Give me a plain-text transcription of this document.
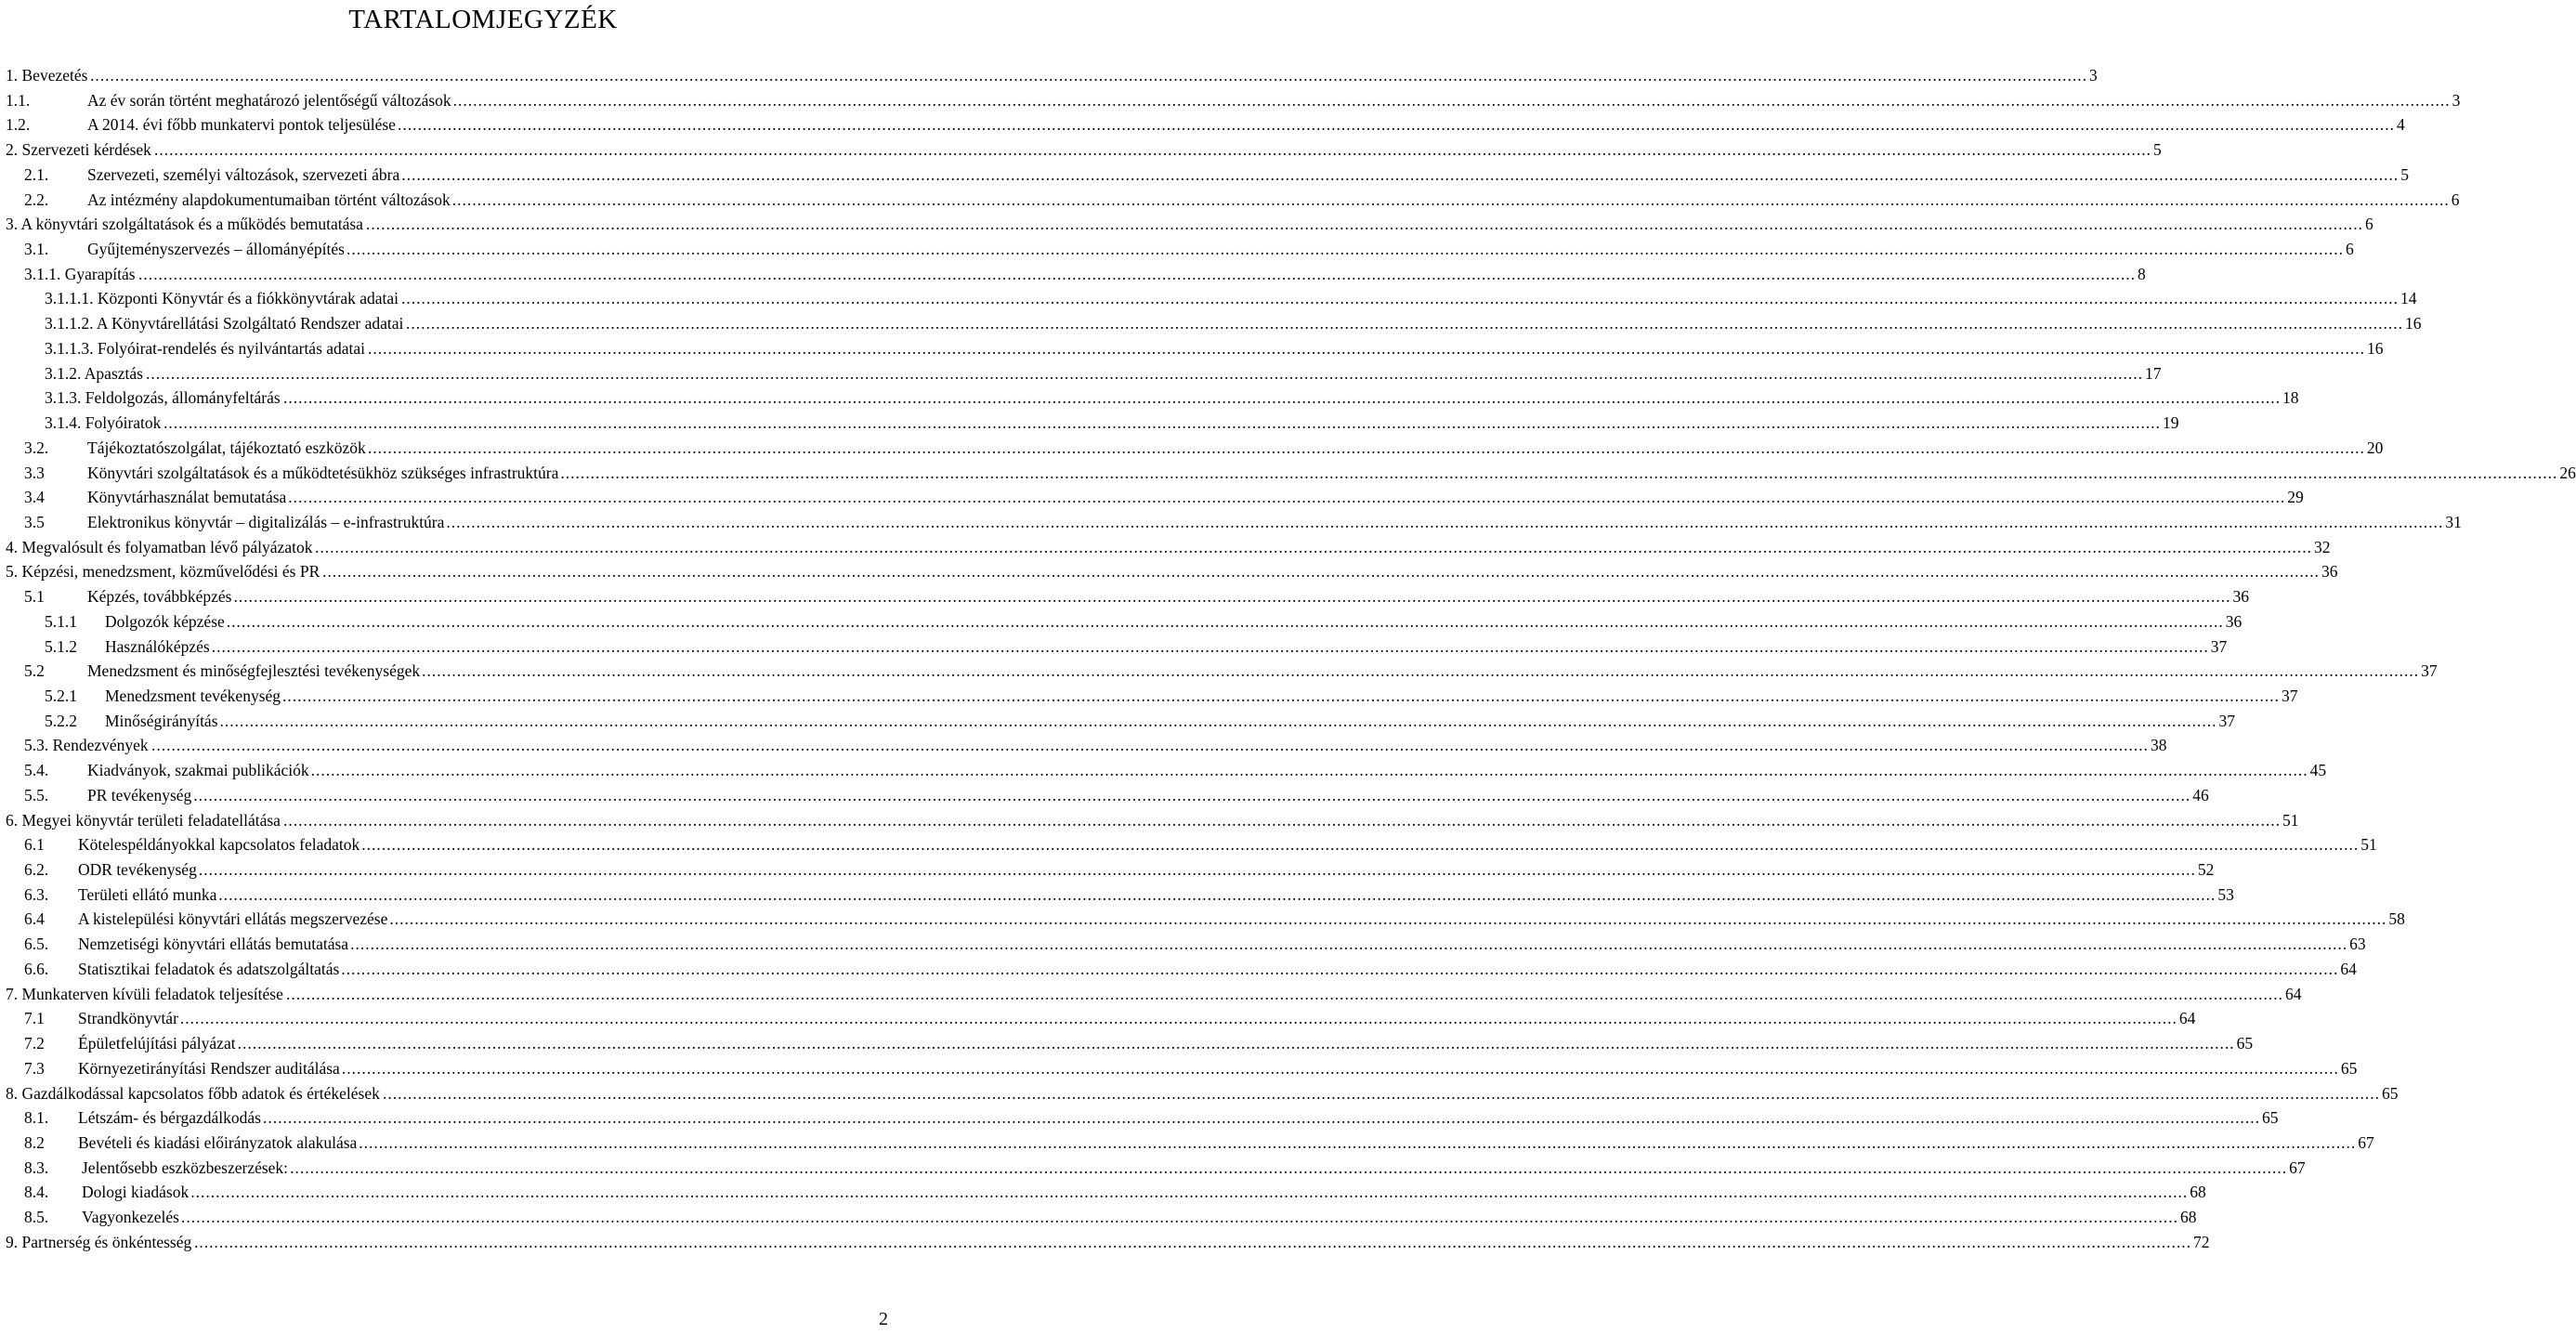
TARTALOMJEGYZÉK
1. Bevezetés ................................................................................................................................................................................................................................................................................................................................................................................................................ 3
1.1.	Az év során történt meghatározó jelentőségű változások ................................................................................................................................................................................................................................................................................................................................................................................................................ 3
1.2.	A 2014. évi főbb munkatervi pontok teljesülése ................................................................................................................................................................................................................................................................................................................................................................................................................ 4
2. Szervezeti kérdések ................................................................................................................................................................................................................................................................................................................................................................................................................ 5
2.1. Szervezeti, személyi változások, szervezeti ábra ................................................................................................................................................................................................................................................................................................................................................................................................................ 5
2.2. Az intézmény alapdokumentumaiban történt változások ................................................................................................................................................................................................................................................................................................................................................................................................................ 6
3. A könyvtári szolgáltatások és a működés bemutatása ................................................................................................................................................................................................................................................................................................................................................................................................................ 6
3.1. Gyűjteményszervezés – állományépítés ................................................................................................................................................................................................................................................................................................................................................................................................................ 6
3.1.1. Gyarapítás ................................................................................................................................................................................................................................................................................................................................................................................................................ 8
3.1.1.1. Központi Könyvtár és a fiókkönyvtárak adatai ................................................................................................................................................................................................................................................................................................................................................................................................................ 14
3.1.1.2. A Könyvtárellátási Szolgáltató Rendszer adatai ................................................................................................................................................................................................................................................................................................................................................................................................................ 16
3.1.1.3. Folyóirat-rendelés és nyilvántartás adatai ................................................................................................................................................................................................................................................................................................................................................................................................................ 16
3.1.2. Apasztás ................................................................................................................................................................................................................................................................................................................................................................................................................ 17
3.1.3. Feldolgozás, állományfeltárás ................................................................................................................................................................................................................................................................................................................................................................................................................ 18
3.1.4. Folyóiratok ................................................................................................................................................................................................................................................................................................................................................................................................................ 19
3.2. Tájékoztatószolgálat, tájékoztató eszközök ................................................................................................................................................................................................................................................................................................................................................................................................................ 20
3.3	Könyvtári szolgáltatások és a működtetésükhöz szükséges infrastruktúra ................................................................................................................................................................................................................................................................................................................................................................................................................ 26
3.4	Könyvtárhasználat bemutatása ................................................................................................................................................................................................................................................................................................................................................................................................................ 29
3.5	Elektronikus könyvtár – digitalizálás – e-infrastruktúra ................................................................................................................................................................................................................................................................................................................................................................................................................ 31
4. Megvalósult és folyamatban lévő pályázatok ................................................................................................................................................................................................................................................................................................................................................................................................................ 32
5. Képzési, menedzsment, közművelődési és PR ................................................................................................................................................................................................................................................................................................................................................................................................................ 36
5.1	Képzés, továbbképzés ................................................................................................................................................................................................................................................................................................................................................................................................................ 36
5.1.1 Dolgozók képzése ................................................................................................................................................................................................................................................................................................................................................................................................................ 36
5.1.2 Használóképzés ................................................................................................................................................................................................................................................................................................................................................................................................................ 37
5.2	Menedzsment és minőségfejlesztési tevékenységek ................................................................................................................................................................................................................................................................................................................................................................................................................ 37
5.2.1 Menedzsment tevékenység ................................................................................................................................................................................................................................................................................................................................................................................................................ 37
5.2.2 Minőségirányítás ................................................................................................................................................................................................................................................................................................................................................................................................................ 37
5.3. Rendezvények ................................................................................................................................................................................................................................................................................................................................................................................................................ 38
5.4. Kiadványok, szakmai publikációk ................................................................................................................................................................................................................................................................................................................................................................................................................ 45
5.5. PR tevékenység ................................................................................................................................................................................................................................................................................................................................................................................................................ 46
6. Megyei könyvtár területi feladatellátása ................................................................................................................................................................................................................................................................................................................................................................................................................ 51
6.1 Kötelespéldányokkal kapcsolatos feladatok ................................................................................................................................................................................................................................................................................................................................................................................................................ 51
6.2. ODR tevékenység ................................................................................................................................................................................................................................................................................................................................................................................................................ 52
6.3. Területi ellátó munka ................................................................................................................................................................................................................................................................................................................................................................................................................ 53
6.4 A kistelepülési könyvtári ellátás megszervezése ................................................................................................................................................................................................................................................................................................................................................................................................................ 58
6.5. Nemzetiségi könyvtári ellátás bemutatása ................................................................................................................................................................................................................................................................................................................................................................................................................ 63
6.6. Statisztikai feladatok és adatszolgáltatás ................................................................................................................................................................................................................................................................................................................................................................................................................ 64
7. Munkaterven kívüli feladatok teljesítése ................................................................................................................................................................................................................................................................................................................................................................................................................ 64
7.1 Strandkönyvtár ................................................................................................................................................................................................................................................................................................................................................................................................................ 64
7.2 Épületfelújítási pályázat ................................................................................................................................................................................................................................................................................................................................................................................................................ 65
7.3 Környezetirányítási Rendszer auditálása ................................................................................................................................................................................................................................................................................................................................................................................................................ 65
8. Gazdálkodással kapcsolatos főbb adatok és értékelések ................................................................................................................................................................................................................................................................................................................................................................................................................ 65
8.1. Létszám- és bérgazdálkodás ................................................................................................................................................................................................................................................................................................................................................................................................................ 65
8.2 Bevételi és kiadási előirányzatok alakulása ................................................................................................................................................................................................................................................................................................................................................................................................................ 67
8.3. Jelentősebb eszközbeszerzések: ................................................................................................................................................................................................................................................................................................................................................................................................................ 67
8.4. Dologi kiadások ................................................................................................................................................................................................................................................................................................................................................................................................................ 68
8.5. Vagyonkezelés ................................................................................................................................................................................................................................................................................................................................................................................................................ 68
9. Partnerség és önkéntesség ................................................................................................................................................................................................................................................................................................................................................................................................................ 72
2
